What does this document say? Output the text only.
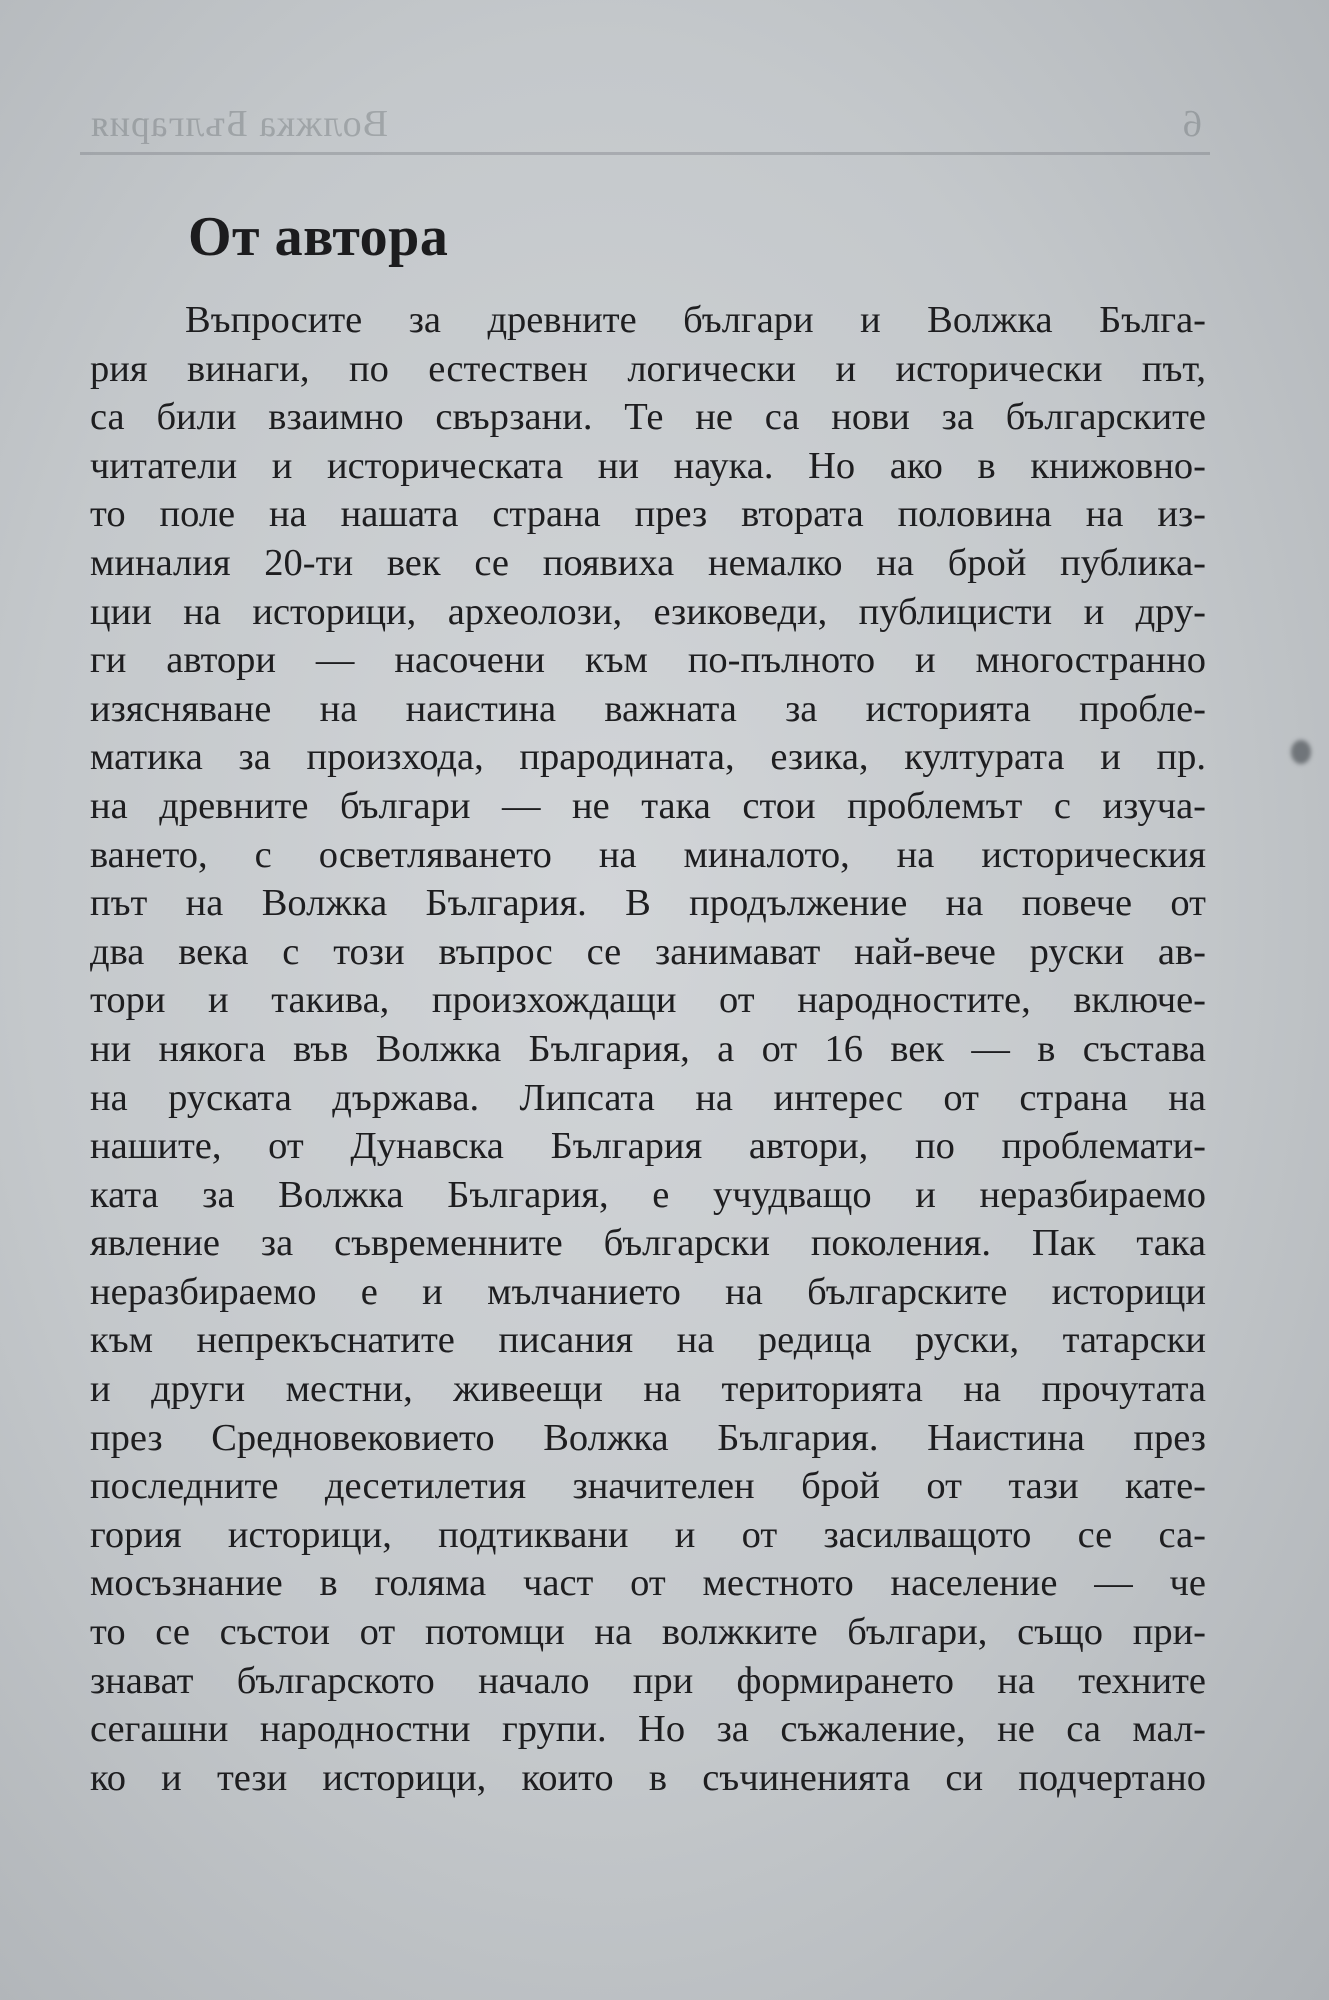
Волжка България	6
От автора
Въпросите за древните българи и Волжка Бълга-
рия винаги, по естествен логически и исторически път,
са били взаимно свързани. Те не са нови за българските
читатели и историческата ни наука. Но ако в книжовно-
то поле на нашата страна през втората половина на из-
миналия 20-ти век се появиха немалко на брой публика-
ции на историци, археолози, езиковеди, публицисти и дру-
ги автори — насочени към по-пълното и многостранно
изясняване на наистина важната за историята пробле-
матика за произхода, прародината, езика, културата и пр.
на древните българи — не така стои проблемът с изуча-
ването, с осветляването на миналото, на историческия
път на Волжка България. В продължение на повече от
два века с този въпрос се занимават най-вече руски ав-
тори и такива, произхождащи от народностите, включе-
ни някога във Волжка България, а от 16 век — в състава
на руската държава. Липсата на интерес от страна на
нашите, от Дунавска България автори, по проблемати-
ката за Волжка България, е учудващо и неразбираемо
явление за съвременните български поколения. Пак така
неразбираемо е и мълчанието на българските историци
към непрекъснатите писания на редица руски, татарски
и други местни, живеещи на територията на прочутата
през Средновековието Волжка България. Наистина през
последните десетилетия значителен брой от тази кате-
гория историци, подтиквани и от засилващото се са-
мосъзнание в голяма част от местното население — че
то се състои от потомци на волжките българи, също при-
знават българското начало при формирането на техните
сегашни народностни групи. Но за съжаление, не са мал-
ко и тези историци, които в съчиненията си подчертано
